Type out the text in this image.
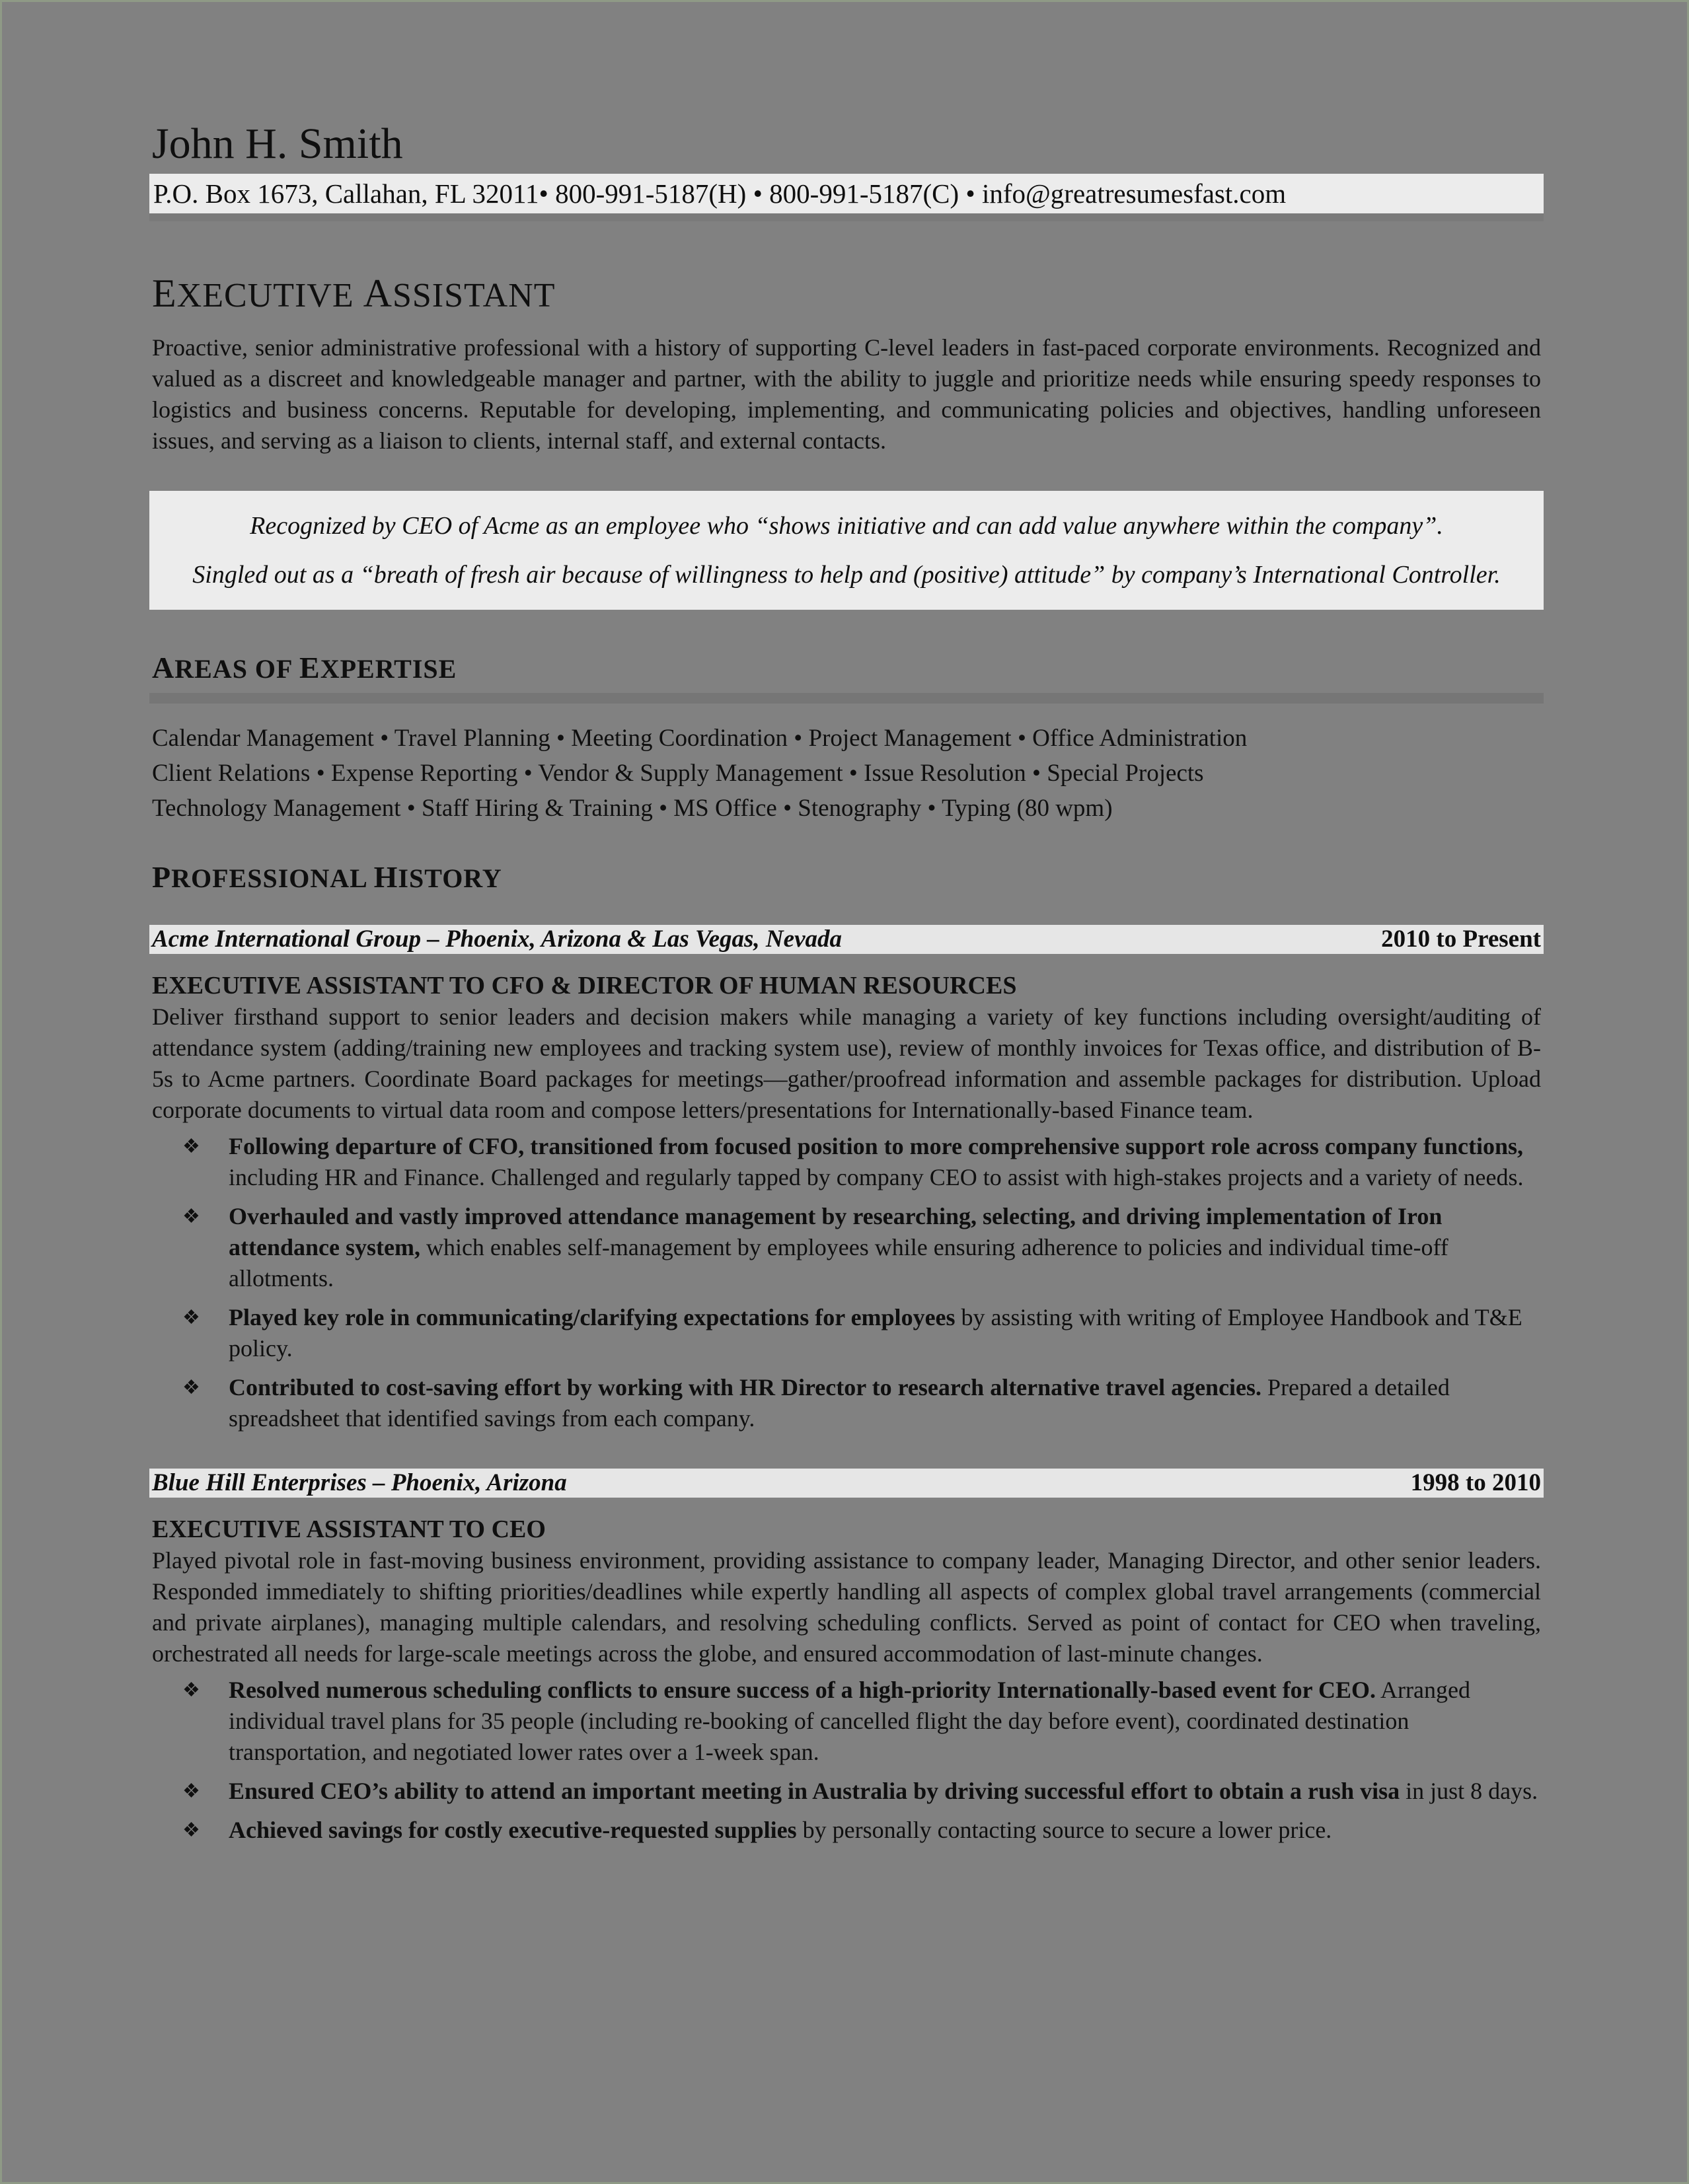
John H. Smith
P.O. Box 1673, Callahan, FL 32011• 800-991-5187(H) • 800-991-5187(C) • info@greatresumesfast.com
EXECUTIVE ASSISTANT

Proactive, senior administrative professional with a history of supporting C-level leaders in fast-paced corporate environments. Recognized and valued as a discreet and knowledgeable manager and partner, with the ability to juggle and prioritize needs while ensuring speedy responses to logistics and business concerns. Reputable for developing, implementing, and communicating policies and objectives, handling unforeseen issues, and serving as a liaison to clients, internal staff, and external contacts.

Recognized by CEO of Acme as an employee who “shows initiative and can add value anywhere within the company”.
Singled out as a “breath of fresh air because of willingness to help and (positive) attitude” by company’s International Controller.
AREAS OF EXPERTISE
Calendar Management • Travel Planning • Meeting Coordination • Project Management • Office Administration
Client Relations • Expense Reporting • Vendor & Supply Management • Issue Resolution • Special Projects
Technology Management • Staff Hiring & Training • MS Office • Stenography • Typing (80 wpm)
PROFESSIONAL HISTORY
Acme International Group – Phoenix, Arizona & Las Vegas, Nevada	2010 to Present
EXECUTIVE ASSISTANT TO CFO & DIRECTOR OF HUMAN RESOURCES

Deliver firsthand support to senior leaders and decision makers while managing a variety of key functions including oversight/auditing of attendance system (adding/training new employees and tracking system use), review of monthly invoices for Texas office, and distribution of B-5s to Acme partners. Coordinate Board packages for meetings—gather/proofread information and assemble packages for distribution. Upload corporate documents to virtual data room and compose letters/presentations for Internationally-based Finance team.

❖ Following departure of CFO, transitioned from focused position to more comprehensive support role across company functions, including HR and Finance. Challenged and regularly tapped by company CEO to assist with high-stakes projects and a variety of needs.
❖ Overhauled and vastly improved attendance management by researching, selecting, and driving implementation of Iron attendance system, which enables self-management by employees while ensuring adherence to policies and individual time-off allotments.
❖ Played key role in communicating/clarifying expectations for employees by assisting with writing of Employee Handbook and T&E policy.
❖ Contributed to cost-saving effort by working with HR Director to research alternative travel agencies. Prepared a detailed spreadsheet that identified savings from each company.
Blue Hill Enterprises – Phoenix, Arizona	1998 to 2010
EXECUTIVE ASSISTANT TO CEO

Played pivotal role in fast-moving business environment, providing assistance to company leader, Managing Director, and other senior leaders. Responded immediately to shifting priorities/deadlines while expertly handling all aspects of complex global travel arrangements (commercial and private airplanes), managing multiple calendars, and resolving scheduling conflicts. Served as point of contact for CEO when traveling, orchestrated all needs for large-scale meetings across the globe, and ensured accommodation of last-minute changes.

❖ Resolved numerous scheduling conflicts to ensure success of a high-priority Internationally-based event for CEO. Arranged individual travel plans for 35 people (including re-booking of cancelled flight the day before event), coordinated destination transportation, and negotiated lower rates over a 1-week span.
❖ Ensured CEO’s ability to attend an important meeting in Australia by driving successful effort to obtain a rush visa in just 8 days.
❖ Achieved savings for costly executive-requested supplies by personally contacting source to secure a lower price.
